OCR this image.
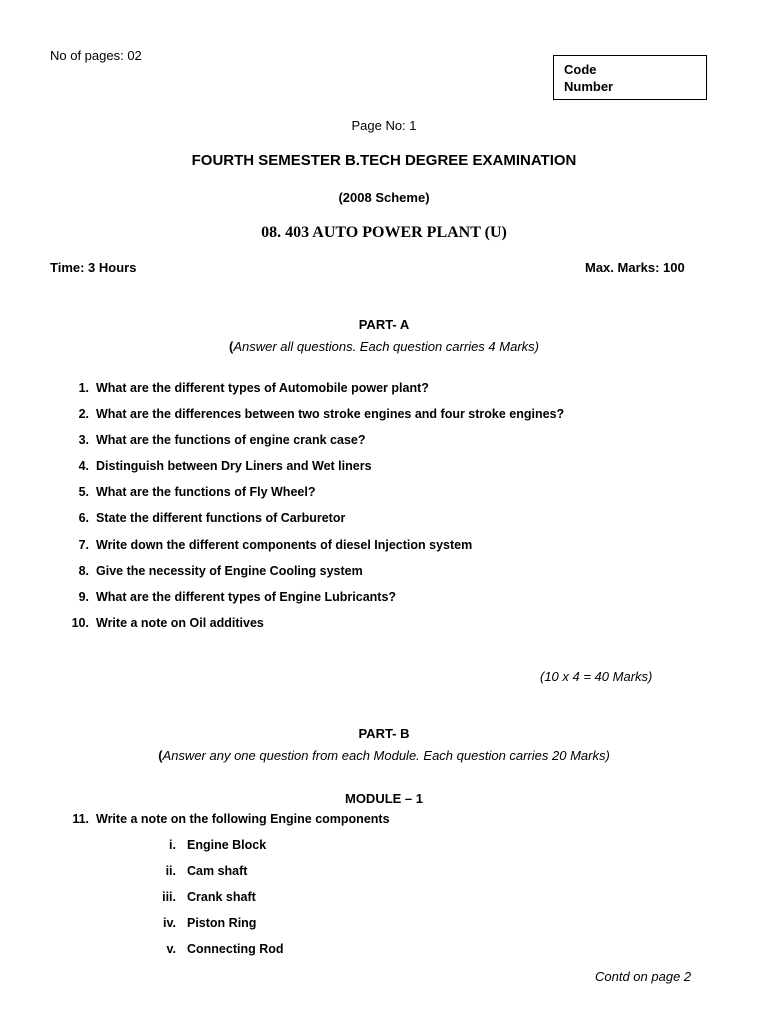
No of pages: 02
Code
Number
Page No: 1
FOURTH SEMESTER B.TECH DEGREE EXAMINATION
(2008 Scheme)
08. 403 AUTO POWER PLANT (U)
Time: 3 Hours	Max. Marks: 100
PART- A
(Answer all questions. Each question carries 4 Marks)
1. What are the different types of Automobile power plant?
2. What are the differences between two stroke engines and four stroke engines?
3. What are the functions of engine crank case?
4. Distinguish between Dry Liners and Wet liners
5. What are the functions of Fly Wheel?
6. State the different functions of Carburetor
7. Write down the different components of diesel Injection system
8. Give the necessity of Engine Cooling system
9. What are the different types of Engine Lubricants?
10. Write a note on Oil additives
(10 x 4 = 40 Marks)
PART- B
(Answer any one question from each Module. Each question carries 20 Marks)
MODULE – 1
11. Write a note on the following Engine components
i. Engine Block
ii. Cam shaft
iii. Crank shaft
iv. Piston Ring
v. Connecting Rod
Contd on page 2
